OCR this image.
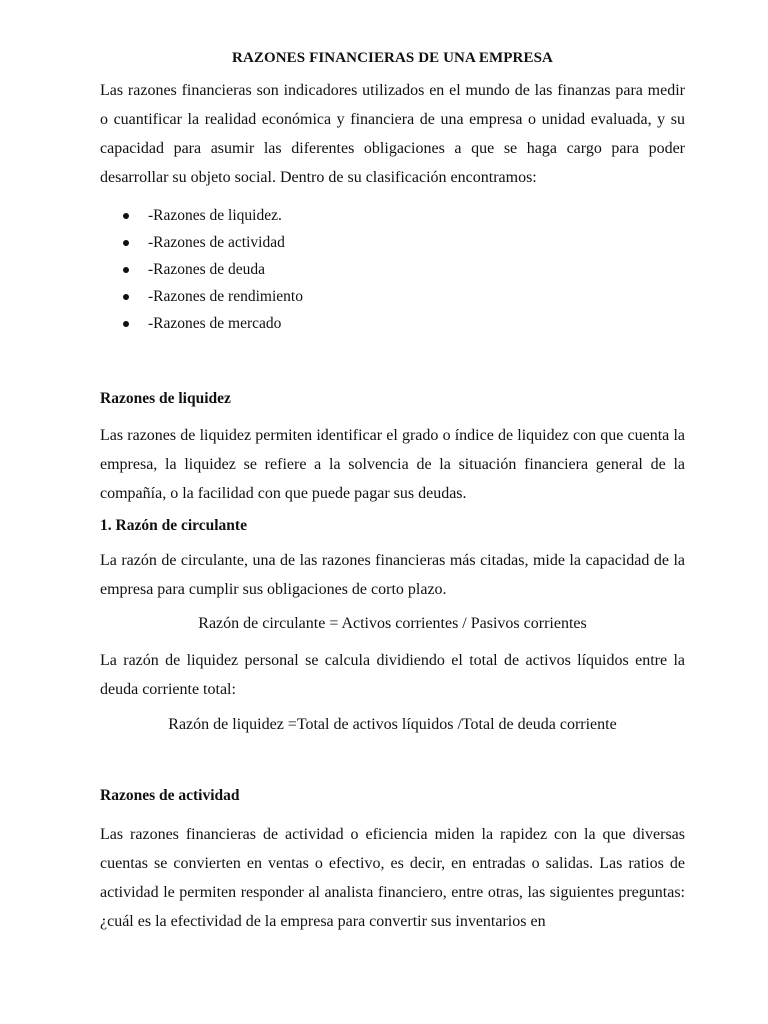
RAZONES FINANCIERAS DE UNA EMPRESA

Las razones financieras son indicadores utilizados en el mundo de las finanzas para medir o cuantificar la realidad económica y financiera de una empresa o unidad evaluada, y su capacidad para asumir las diferentes obligaciones a que se haga cargo para poder desarrollar su objeto social. Dentro de su clasificación encontramos:

-Razones de liquidez.
-Razones de actividad
-Razones de deuda
-Razones de rendimiento
-Razones de mercado
Razones de liquidez

Las razones de liquidez permiten identificar el grado o índice de liquidez con que cuenta la empresa, la liquidez se refiere a la solvencia de la situación financiera general de la compañía, o la facilidad con que puede pagar sus deudas.

1. Razón de circulante

La razón de circulante, una de las razones financieras más citadas, mide la capacidad de la empresa para cumplir sus obligaciones de corto plazo.

Razón de circulante = Activos corrientes / Pasivos corrientes

La razón de liquidez personal se calcula dividiendo el total de activos líquidos entre la deuda corriente total:

Razón de liquidez =Total de activos líquidos /Total de deuda corriente

Razones de actividad

Las razones financieras de actividad o eficiencia miden la rapidez con la que diversas cuentas se convierten en ventas o efectivo, es decir, en entradas o salidas. Las ratios de actividad le permiten responder al analista financiero, entre otras, las siguientes preguntas: ¿cuál es la efectividad de la empresa para convertir sus inventarios en
